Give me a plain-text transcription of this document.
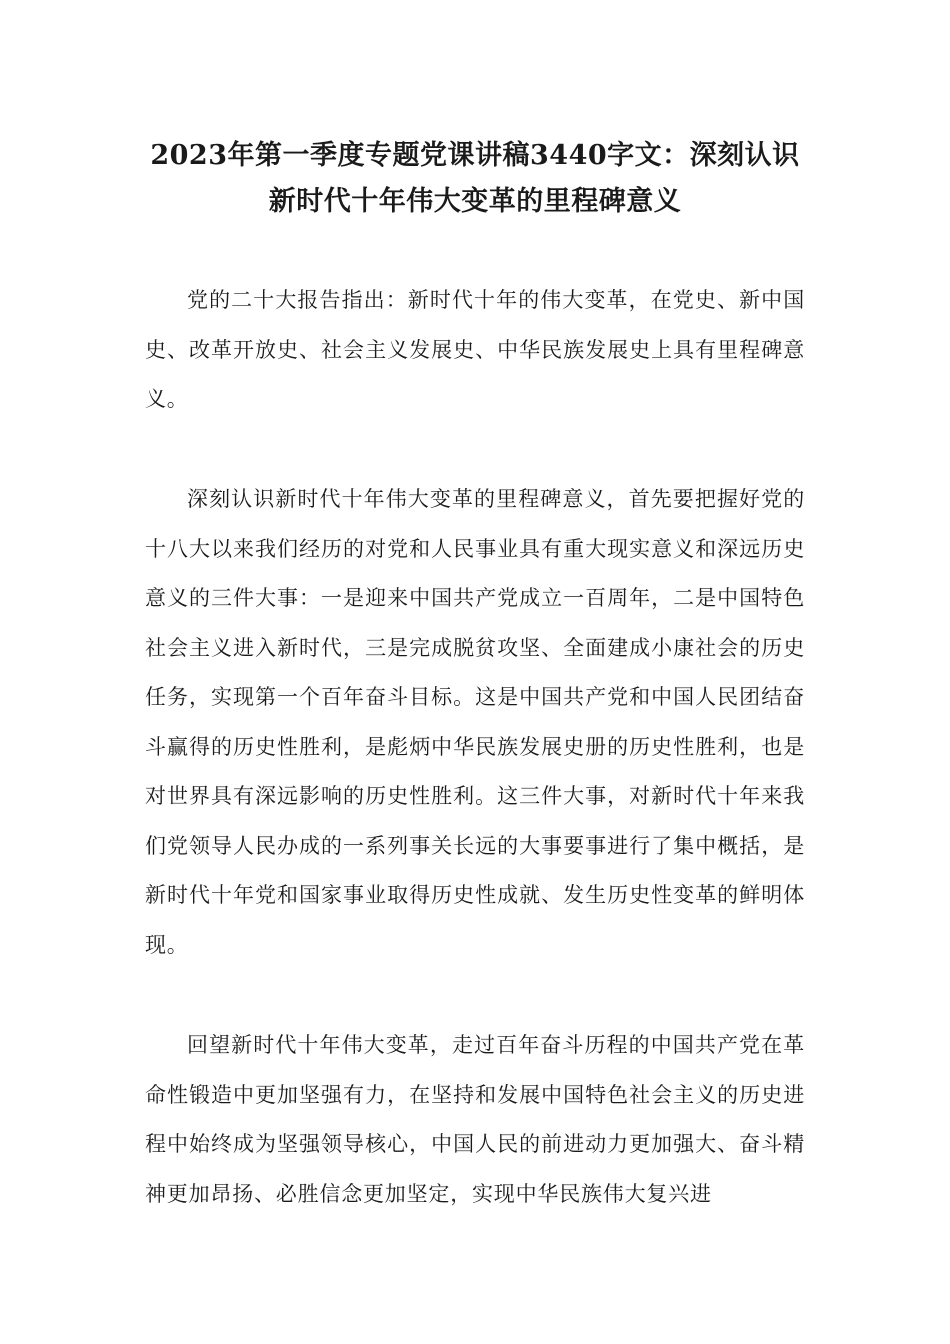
2023年第一季度专题党课讲稿3440字文：深刻认识新时代十年伟大变革的里程碑意义

党的二十大报告指出：新时代十年的伟大变革，在党史、新中国史、改革开放史、社会主义发展史、中华民族发展史上具有里程碑意义。

深刻认识新时代十年伟大变革的里程碑意义，首先要把握好党的十八大以来我们经历的对党和人民事业具有重大现实意义和深远历史意义的三件大事：一是迎来中国共产党成立一百周年，二是中国特色社会主义进入新时代，三是完成脱贫攻坚、全面建成小康社会的历史任务，实现第一个百年奋斗目标。这是中国共产党和中国人民团结奋斗赢得的历史性胜利，是彪炳中华民族发展史册的历史性胜利，也是对世界具有深远影响的历史性胜利。这三件大事，对新时代十年来我们党领导人民办成的一系列事关长远的大事要事进行了集中概括，是新时代十年党和国家事业取得历史性成就、发生历史性变革的鲜明体现。

回望新时代十年伟大变革，走过百年奋斗历程的中国共产党在革命性锻造中更加坚强有力，在坚持和发展中国特色社会主义的历史进程中始终成为坚强领导核心，中国人民的前进动力更加强大、奋斗精神更加昂扬、必胜信念更加坚定，实现中华民族伟大复兴进
